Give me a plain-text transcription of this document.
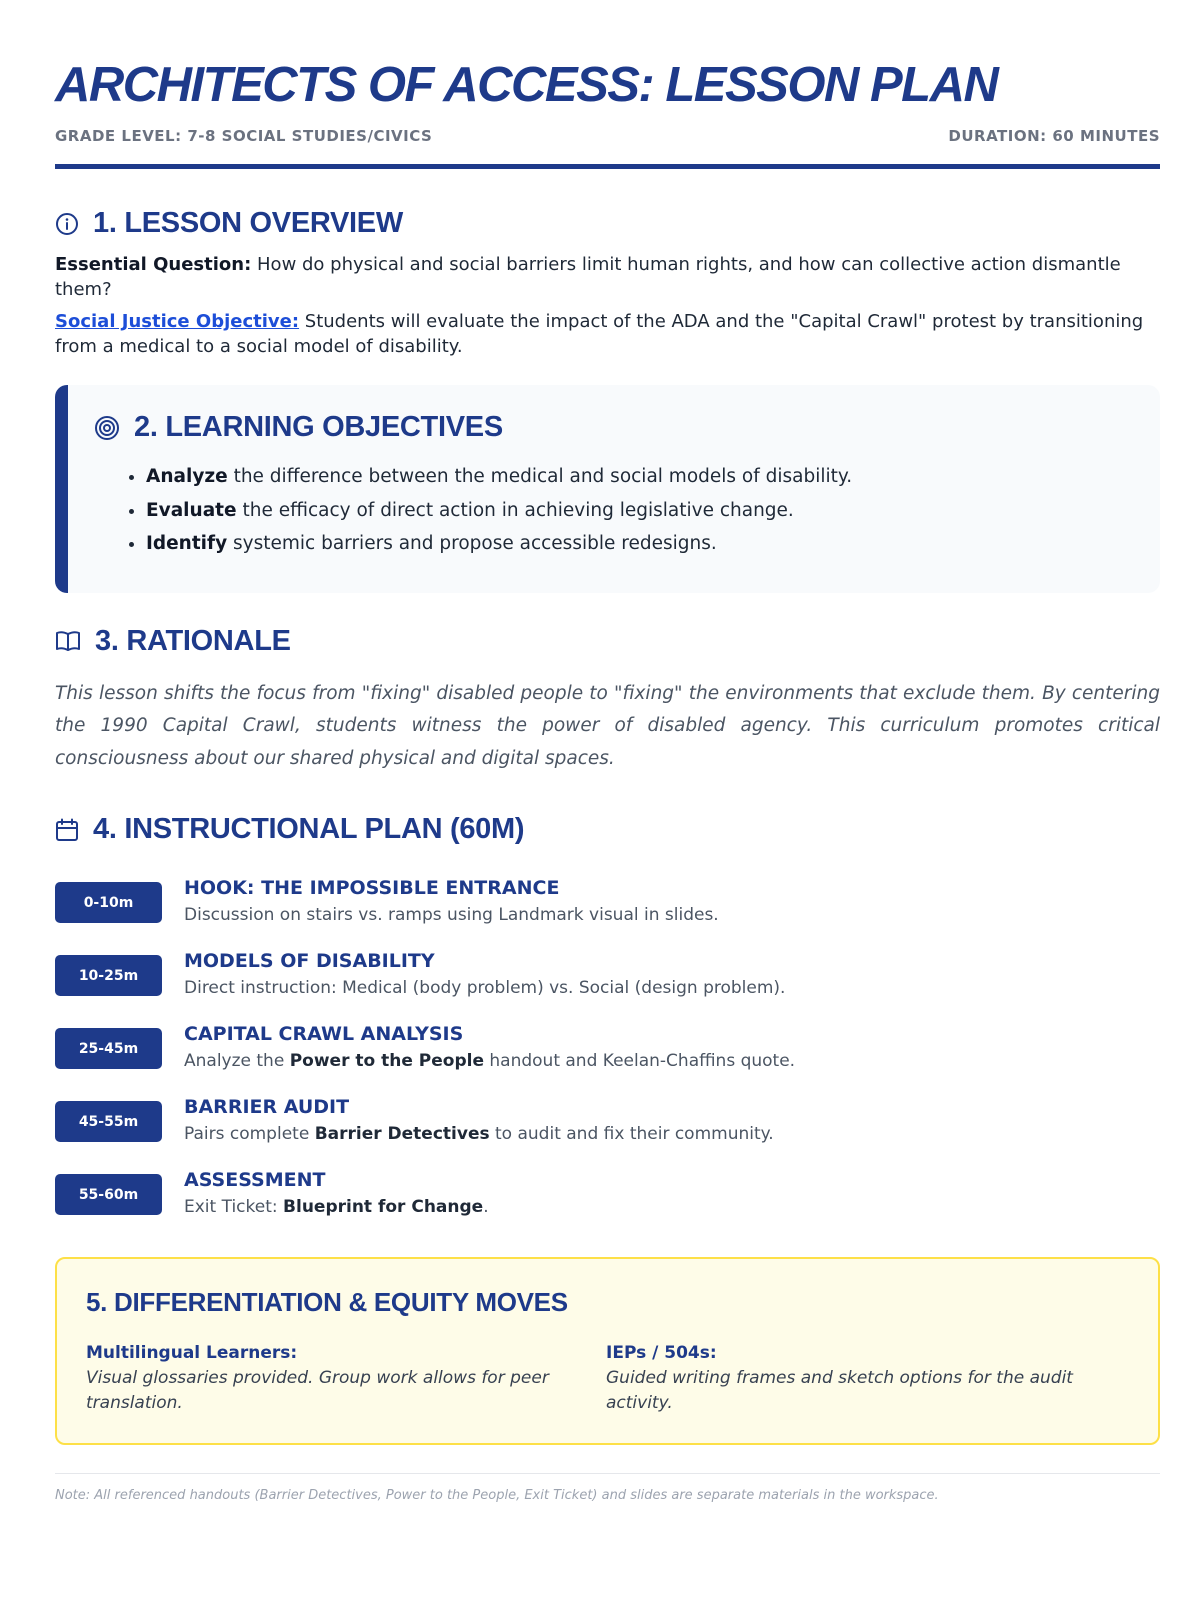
ARCHITECTS OF ACCESS: LESSON PLAN
GRADE LEVEL: 7-8 SOCIAL STUDIES/CIVICS	DURATION: 60 MINUTES
1. LESSON OVERVIEW

Essential Question: How do physical and social barriers limit human rights, and how can collective action dismantle them?

Social Justice Objective: Students will evaluate the impact of the ADA and the "Capital Crawl" protest by transitioning from a medical to a social model of disability.

2. LEARNING OBJECTIVES
• Analyze the difference between the medical and social models of disability.
• Evaluate the efficacy of direct action in achieving legislative change.
• Identify systemic barriers and propose accessible redesigns.
3. RATIONALE

This lesson shifts the focus from "fixing" disabled people to "fixing" the environments that exclude them. By centering the 1990 Capital Crawl, students witness the power of disabled agency. This curriculum promotes critical consciousness about our shared physical and digital spaces.

4. INSTRUCTIONAL PLAN (60M)
0-10m
HOOK: THE IMPOSSIBLE ENTRANCE
Discussion on stairs vs. ramps using Landmark visual in slides.
10-25m
MODELS OF DISABILITY
Direct instruction: Medical (body problem) vs. Social (design problem).
25-45m
CAPITAL CRAWL ANALYSIS
Analyze the Power to the People handout and Keelan-Chaffins quote.
45-55m
BARRIER AUDIT
Pairs complete Barrier Detectives to audit and fix their community.
55-60m
ASSESSMENT
Exit Ticket: Blueprint for Change.
5. DIFFERENTIATION & EQUITY MOVES
Multilingual Learners:

Visual glossaries provided. Group work allows for peer translation.

IEPs / 504s:

Guided writing frames and sketch options for the audit activity.

Note: All referenced handouts (Barrier Detectives, Power to the People, Exit Ticket) and slides are separate materials in the workspace.
